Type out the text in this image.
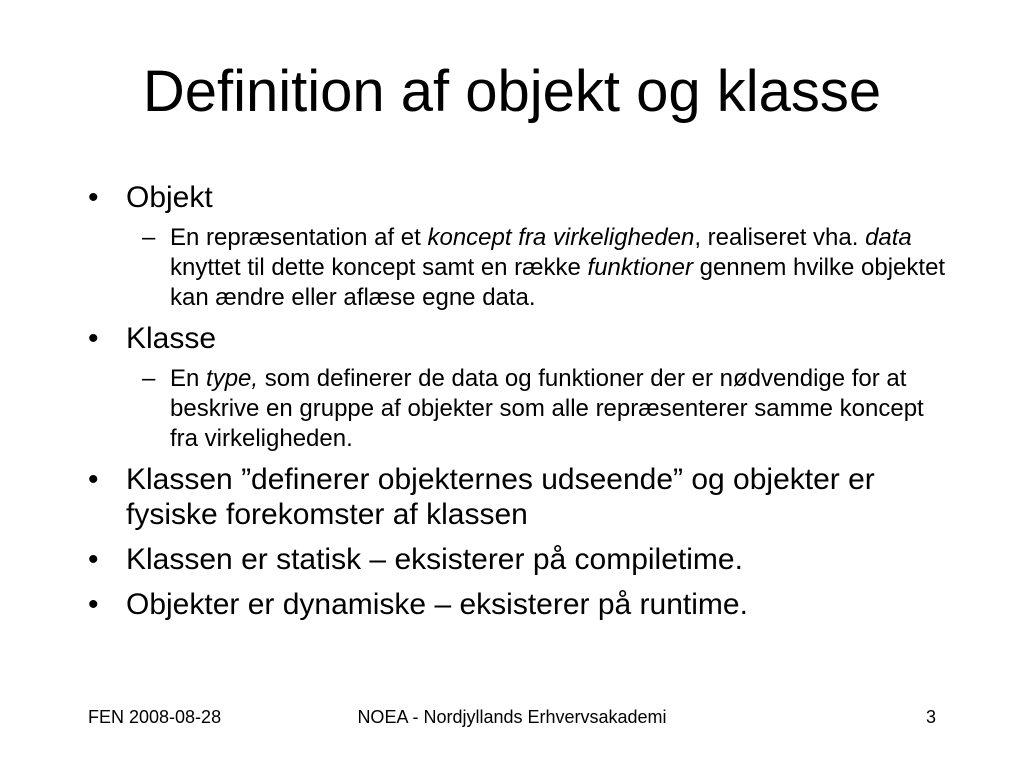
Definition af objekt og klasse
• Objekt
– En repræsentation af et koncept fra virkeligheden, realiseret vha. data knyttet til dette koncept samt en række funktioner gennem hvilke objektet kan ændre eller aflæse egne data.
• Klasse
– En type, som definerer de data og funktioner der er nødvendige for at beskrive en gruppe af objekter som alle repræsenterer samme koncept fra virkeligheden.
• Klassen ”definerer objekternes udseende” og objekter er fysiske forekomster af klassen
• Klassen er statisk – eksisterer på compiletime.
• Objekter er dynamiske – eksisterer på runtime.
FEN 2008-08-28	NOEA - Nordjyllands Erhvervsakademi	3
